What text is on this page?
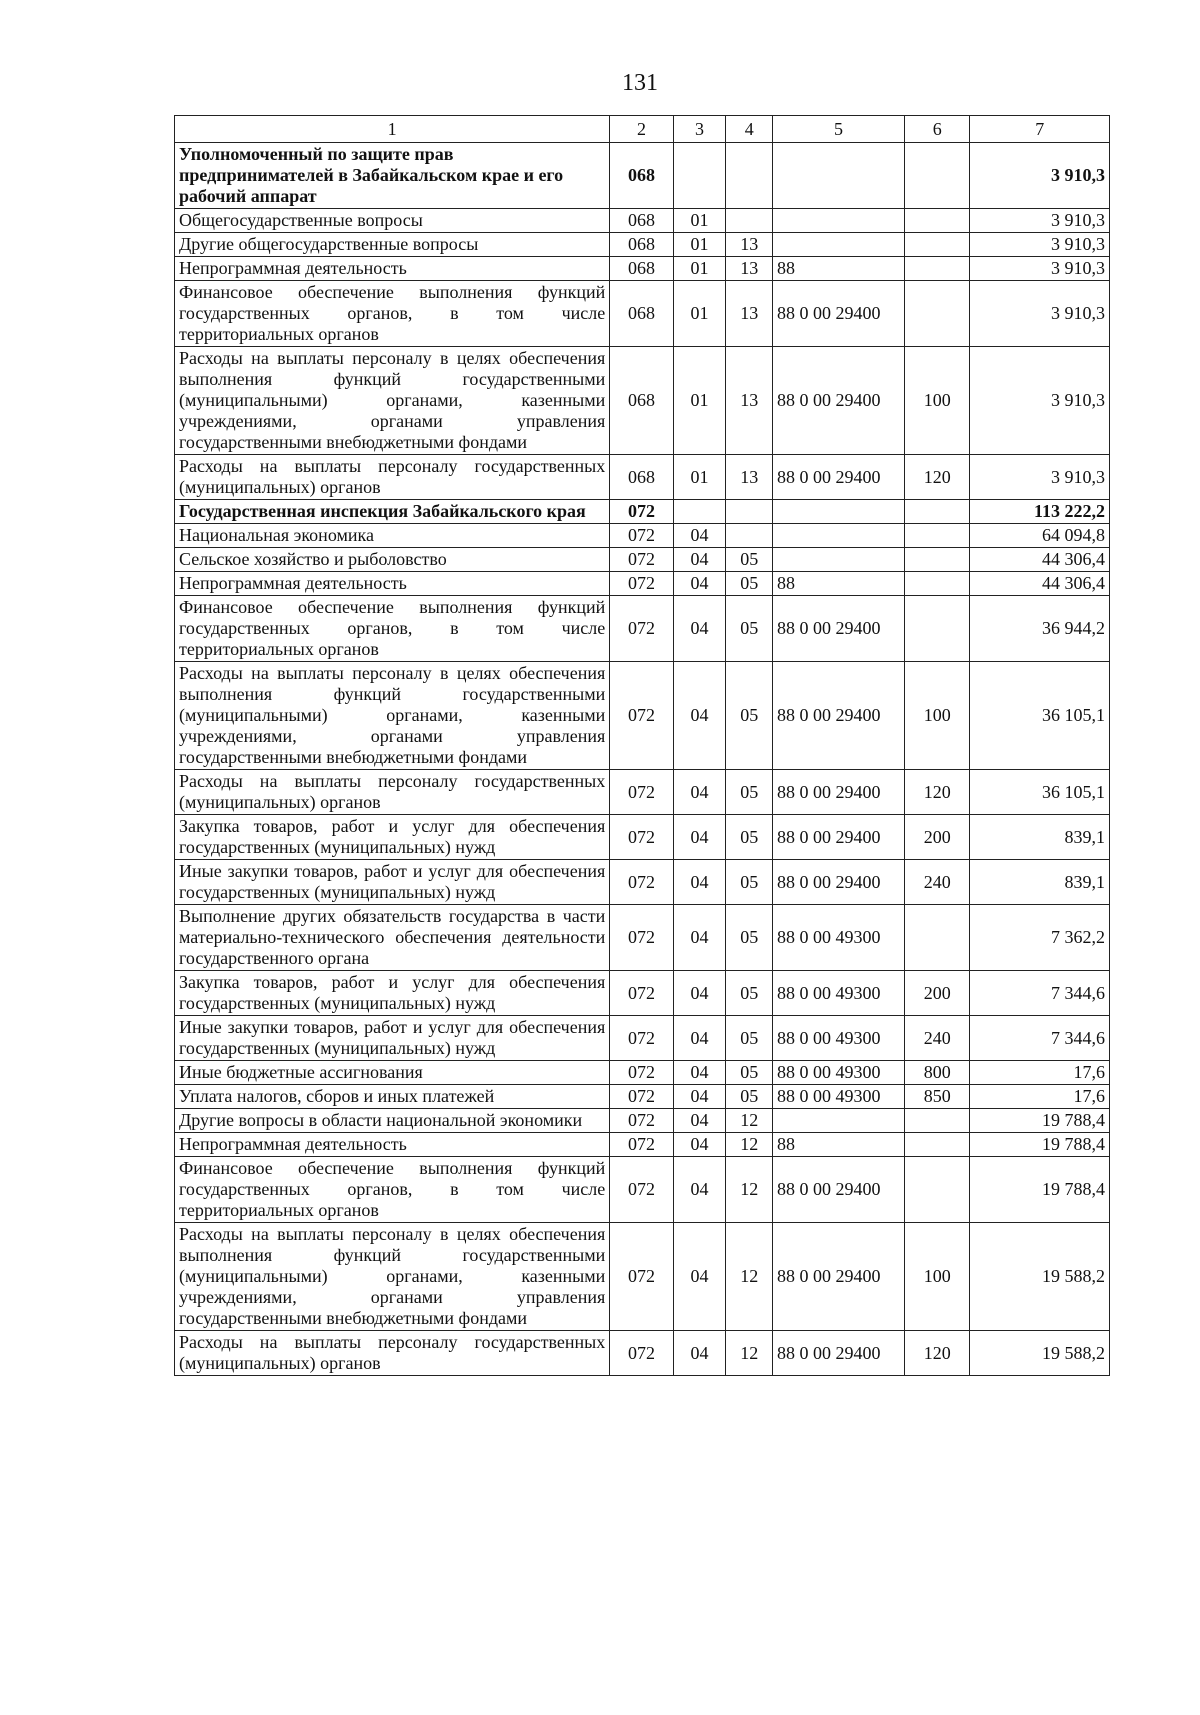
131
1	2	3	4	5	6	7
Уполномоченный по защите прав предпринимателей в Забайкальском крае и его рабочий аппарат	068					3 910,3
Общегосударственные вопросы	068	01				3 910,3
Другие общегосударственные вопросы	068	01	13			3 910,3
Непрограммная деятельность	068	01	13	88		3 910,3
Финансовое обеспечение выполнения функций государственных органов, в том числе территориальных органов	068	01	13	88 0 00 29400		3 910,3
Расходы на выплаты персоналу в целях обеспечения выполнения функций государственными (муниципальными) органами, казенными учреждениями, органами управления государственными внебюджетными фондами	068	01	13	88 0 00 29400	100	3 910,3
Расходы на выплаты персоналу государственных (муниципальных) органов	068	01	13	88 0 00 29400	120	3 910,3
Государственная инспекция Забайкальского края	072					113 222,2
Национальная экономика	072	04				64 094,8
Сельское хозяйство и рыболовство	072	04	05			44 306,4
Непрограммная деятельность	072	04	05	88		44 306,4
Финансовое обеспечение выполнения функций государственных органов, в том числе территориальных органов	072	04	05	88 0 00 29400		36 944,2
Расходы на выплаты персоналу в целях обеспечения выполнения функций государственными (муниципальными) органами, казенными учреждениями, органами управления государственными внебюджетными фондами	072	04	05	88 0 00 29400	100	36 105,1
Расходы на выплаты персоналу государственных (муниципальных) органов	072	04	05	88 0 00 29400	120	36 105,1
Закупка товаров, работ и услуг для обеспечения государственных (муниципальных) нужд	072	04	05	88 0 00 29400	200	839,1
Иные закупки товаров, работ и услуг для обеспечения государственных (муниципальных) нужд	072	04	05	88 0 00 29400	240	839,1
Выполнение других обязательств государства в части материально-технического обеспечения деятельности государственного органа	072	04	05	88 0 00 49300		7 362,2
Закупка товаров, работ и услуг для обеспечения государственных (муниципальных) нужд	072	04	05	88 0 00 49300	200	7 344,6
Иные закупки товаров, работ и услуг для обеспечения государственных (муниципальных) нужд	072	04	05	88 0 00 49300	240	7 344,6
Иные бюджетные ассигнования	072	04	05	88 0 00 49300	800	17,6
Уплата налогов, сборов и иных платежей	072	04	05	88 0 00 49300	850	17,6
Другие вопросы в области национальной экономики	072	04	12			19 788,4
Непрограммная деятельность	072	04	12	88		19 788,4
Финансовое обеспечение выполнения функций государственных органов, в том числе территориальных органов	072	04	12	88 0 00 29400		19 788,4
Расходы на выплаты персоналу в целях обеспечения выполнения функций государственными (муниципальными) органами, казенными учреждениями, органами управления государственными внебюджетными фондами	072	04	12	88 0 00 29400	100	19 588,2
Расходы на выплаты персоналу государственных (муниципальных) органов	072	04	12	88 0 00 29400	120	19 588,2
